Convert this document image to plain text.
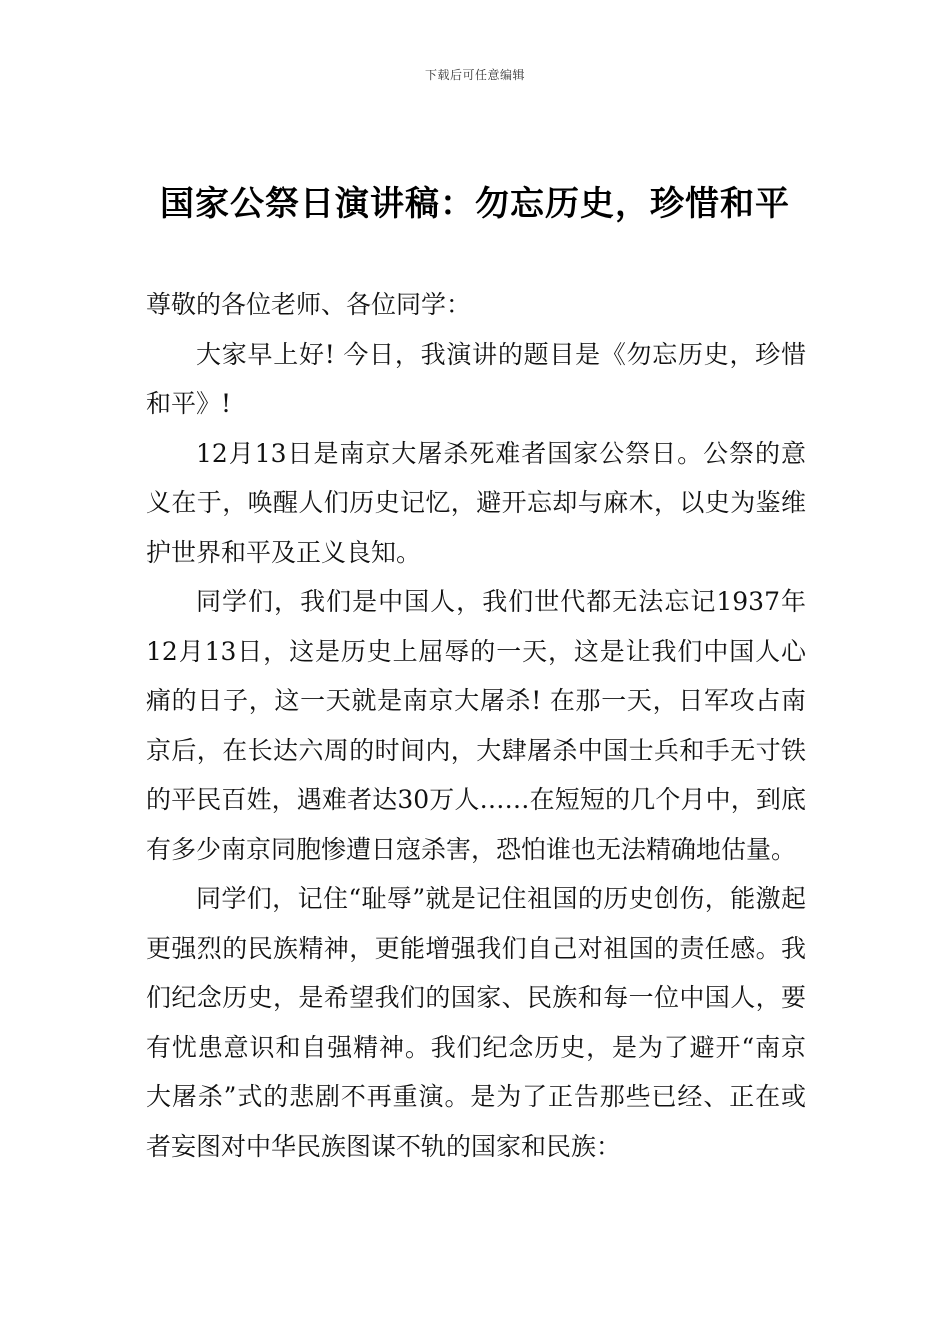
下载后可任意编辑
国家公祭日演讲稿：勿忘历史，珍惜和平

尊敬的各位老师、各位同学：

大家早上好! 今日，我演讲的题目是《勿忘历史，珍惜和平》!

12月13日是南京大屠杀死难者国家公祭日。公祭的意义在于，唤醒人们历史记忆，避开忘却与麻木，以史为鉴维护世界和平及正义良知。

同学们，我们是中国人，我们世代都无法忘记1937年12月13日，这是历史上屈辱的一天，这是让我们中国人心痛的日子，这一天就是南京大屠杀! 在那一天，日军攻占南京后，在长达六周的时间内，大肆屠杀中国士兵和手无寸铁的平民百姓，遇难者达30万人……在短短的几个月中，到底有多少南京同胞惨遭日寇杀害，恐怕谁也无法精确地估量。

同学们，记住“耻辱”就是记住祖国的历史创伤，能激起更强烈的民族精神，更能增强我们自己对祖国的责任感。我们纪念历史，是希望我们的国家、民族和每一位中国人，要有忧患意识和自强精神。我们纪念历史，是为了避开“南京大屠杀”式的悲剧不再重演。是为了正告那些已经、正在或者妄图对中华民族图谋不轨的国家和民族：
